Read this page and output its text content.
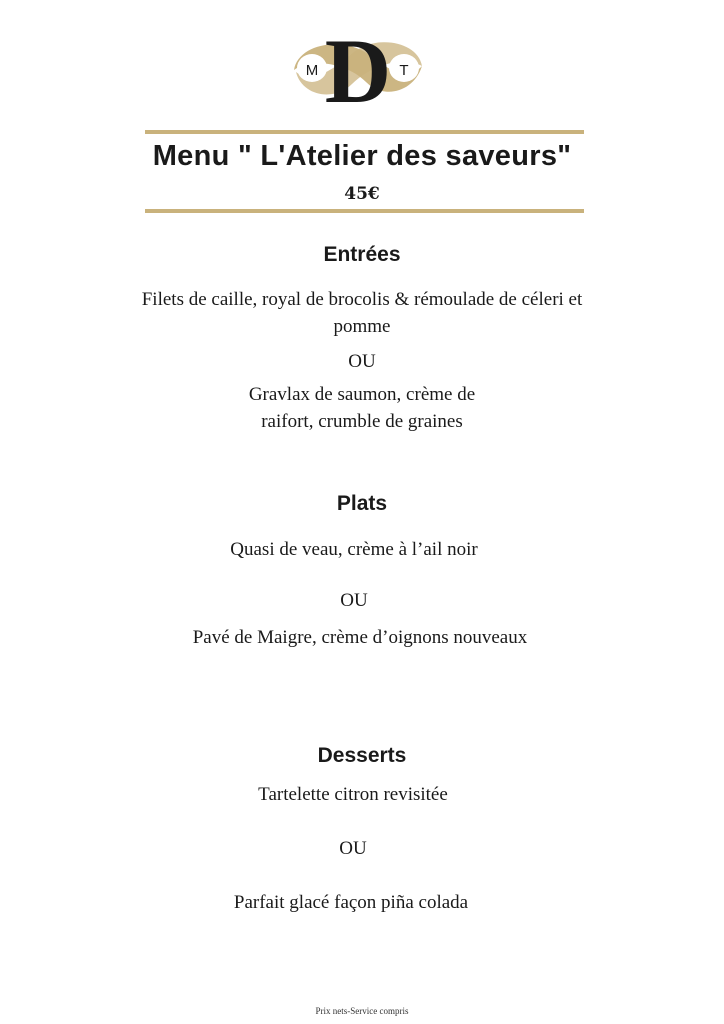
D
M	T
Menu " L'Atelier des saveurs"
45€
Entrées
Filets de caille, royal de brocolis & rémoulade de céleri et
pomme
OU
Gravlax de saumon, crème de
raifort, crumble de graines
Plats
Quasi de veau, crème à l’ail noir
OU
Pavé de Maigre, crème d’oignons nouveaux
Desserts
Tartelette citron revisitée
OU
Parfait glacé façon piña colada
Prix nets-Service compris
